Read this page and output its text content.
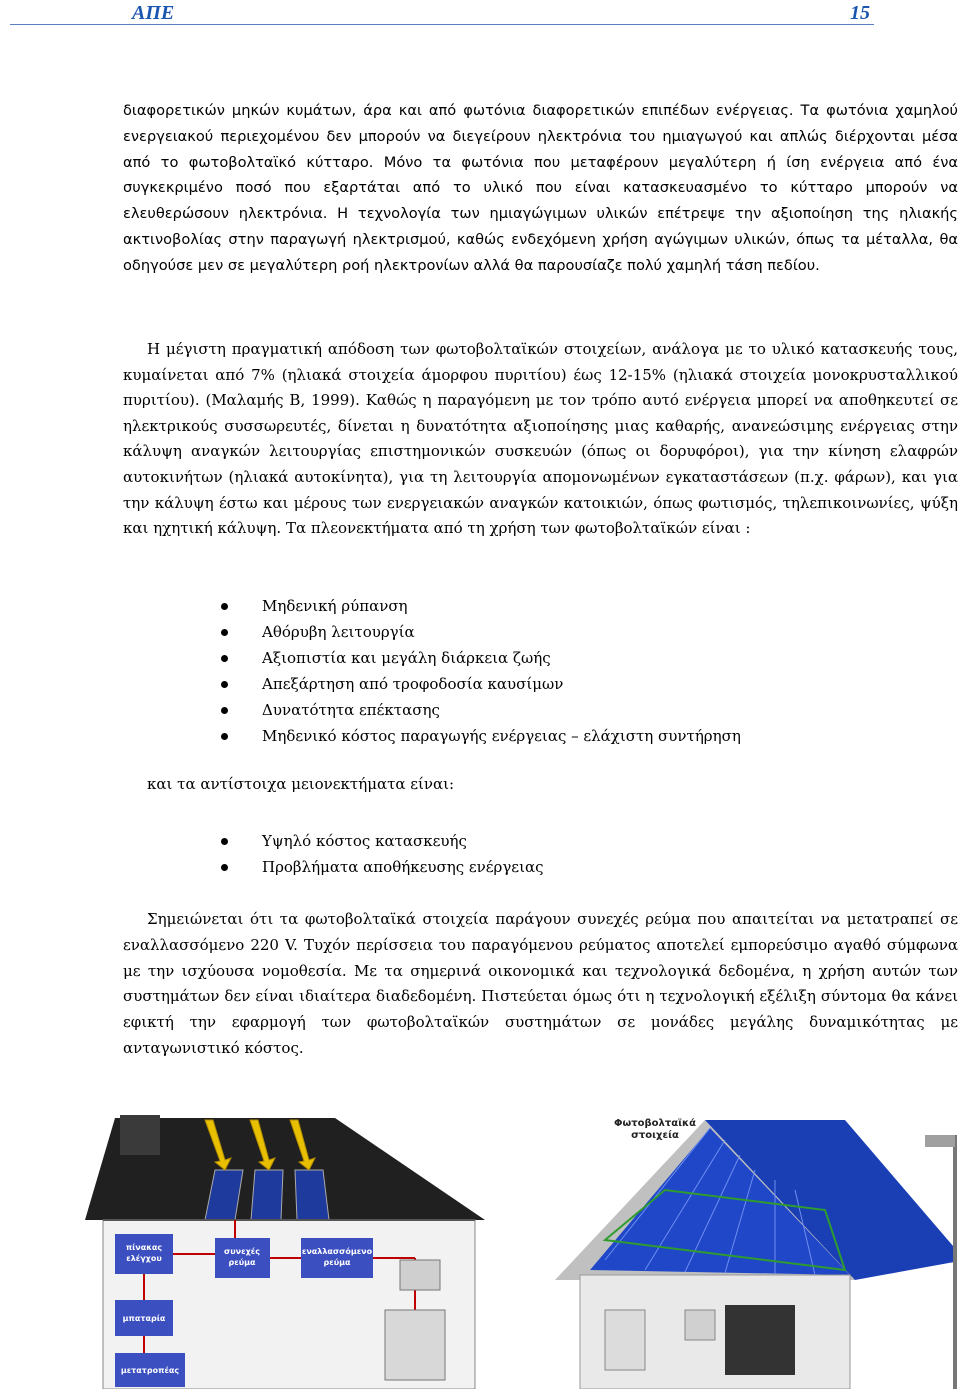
ΑΠΕ	15
διαφορετικών μηκών κυμάτων, άρα και από φωτόνια διαφορετικών επιπέδων ενέργειας. Τα φωτόνια χαμηλού ενεργειακού περιεχομένου δεν μπορούν να διεγείρουν ηλεκτρόνια του ημιαγωγού και απλώς διέρχονται μέσα από το φωτοβολταϊκό κύτταρο. Μόνο τα φωτόνια που μεταφέρουν μεγαλύτερη ή ίση ενέργεια από ένα συγκεκριμένο ποσό που εξαρτάται από το υλικό που είναι κατασκευασμένο το κύτταρο μπορούν να ελευθερώσουν ηλεκτρόνια. Η τεχνολογία των ημιαγώγιμων υλικών επέτρεψε την αξιοποίηση της ηλιακής ακτινοβολίας στην παραγωγή ηλεκτρισμού, καθώς ενδεχόμενη χρήση αγώγιμων υλικών, όπως τα μέταλλα, θα οδηγούσε μεν σε μεγαλύτερη ροή ηλεκτρονίων αλλά θα παρουσίαζε πολύ χαμηλή τάση πεδίου.
Η μέγιστη πραγματική απόδοση των φωτοβολταϊκών στοιχείων, ανάλογα με το υλικό κατασκευής τους, κυμαίνεται από 7% (ηλιακά στοιχεία άμορφου πυριτίου) έως 12-15% (ηλιακά στοιχεία μονοκρυσταλλικού πυριτίου). (Μαλαμής Β, 1999). Καθώς η παραγόμενη με τον τρόπο αυτό ενέργεια μπορεί να αποθηκευτεί σε ηλεκτρικούς συσσωρευτές, δίνεται η δυνατότητα αξιοποίησης μιας καθαρής, ανανεώσιμης ενέργειας στην κάλυψη αναγκών λειτουργίας επιστημονικών συσκευών (όπως οι δορυφόροι), για την κίνηση ελαφρών αυτοκινήτων (ηλιακά αυτοκίνητα), για τη λειτουργία απομονωμένων εγκαταστάσεων (π.χ. φάρων), και για την κάλυψη έστω και μέρους των ενεργειακών αναγκών κατοικιών, όπως φωτισμός, τηλεπικοινωνίες, ψύξη και ηχητική κάλυψη. Τα πλεονεκτήματα από τη χρήση των φωτοβολταϊκών είναι :
Μηδενική ρύπανση
Αθόρυβη λειτουργία
Αξιοπιστία και μεγάλη διάρκεια ζωής
Απεξάρτηση από τροφοδοσία καυσίμων
Δυνατότητα επέκτασης
Μηδενικό κόστος παραγωγής ενέργειας – ελάχιστη συντήρηση
και τα αντίστοιχα μειονεκτήματα είναι:
Υψηλό κόστος κατασκευής
Προβλήματα αποθήκευσης ενέργειας
Σημειώνεται ότι τα φωτοβολταϊκά στοιχεία παράγουν συνεχές ρεύμα που απαιτείται να μετατραπεί σε εναλλασσόμενο 220 V. Τυχόν περίσσεια του παραγόμενου ρεύματος αποτελεί εμπορεύσιμο αγαθό σύμφωνα με την ισχύουσα νομοθεσία. Με τα σημερινά οικονομικά και τεχνολογικά δεδομένα, η χρήση αυτών των συστημάτων δεν είναι ιδιαίτερα διαδεδομένη. Πιστεύεται όμως ότι η τεχνολογική εξέλιξη σύντομα θα κάνει εφικτή την εφαρμογή των φωτοβολταϊκών συστημάτων σε μονάδες μεγάλης δυναμικότητας με ανταγωνιστικό κόστος.
πίνακας ελέγχου
συνεχές ρεύμα
εναλλασσόμενο ρεύμα
μπαταρία
μετατροπέας
Φωτοβολταϊκά
στοιχεία
